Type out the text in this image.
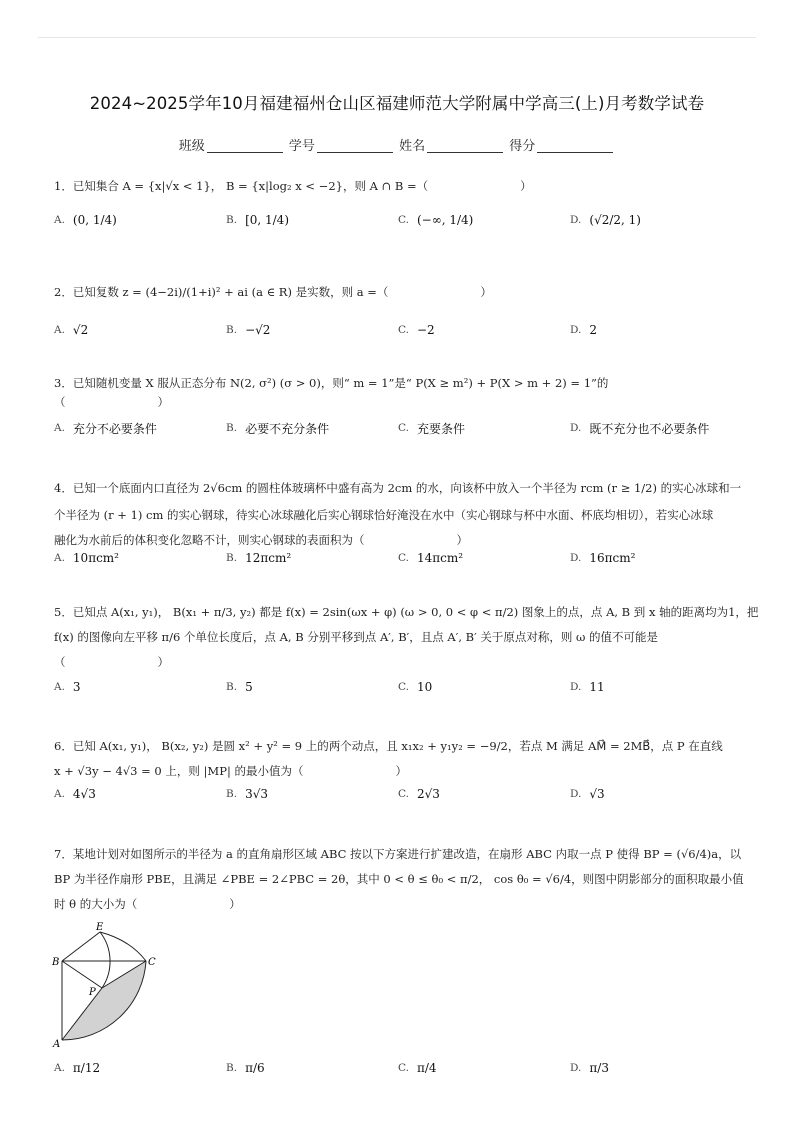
2024~2025学年10月福建福州仓山区福建师范大学附属中学高三(上)月考数学试卷
班级	学号	姓名	得分
1．已知集合 A = {x|√x < 1}， B = {x|log₂ x < −2}，则 A ∩ B =（　　　　　　　　）
A. (0, 1/4)	B. [0, 1/4)	C. (−∞, 1/4)	D. (√2/2, 1)
2．已知复数 z = (4−2i)/(1+i)² + ai (a ∈ R) 是实数，则 a =（　　　　　　　　）
A. √2	B. −√2	C. −2	D. 2
3．已知随机变量 X 服从正态分布 N(2, σ²) (σ > 0)，则“ m = 1”是“ P(X ≥ m²) + P(X > m + 2) = 1”的
（　　　　　　　　）
A. 充分不必要条件	B. 必要不充分条件	C. 充要条件	D. 既不充分也不必要条件
4．已知一个底面内口直径为 2√6cm 的圆柱体玻璃杯中盛有高为 2cm 的水，向该杯中放入一个半径为 rcm (r ≥ 1/2) 的实心冰球和一
个半径为 (r + 1) cm 的实心钢球，待实心冰球融化后实心钢球恰好淹没在水中（实心钢球与杯中水面、杯底均相切），若实心冰球
融化为水前后的体积变化忽略不计，则实心钢球的表面积为（　　　　　　　　）
A. 10πcm²	B. 12πcm²	C. 14πcm²	D. 16πcm²
5．已知点 A(x₁, y₁)， B(x₁ + π/3, y₂) 都是 f(x) = 2sin(ωx + φ) (ω > 0, 0 < φ < π/2) 图象上的点，点 A, B 到 x 轴的距离均为1，把
f(x) 的图像向左平移 π/6 个单位长度后，点 A, B 分别平移到点 A′, B′，且点 A′, B′ 关于原点对称，则 ω 的值不可能是
（　　　　　　　　）
A. 3	B. 5	C. 10	D. 11
6．已知 A(x₁, y₁)， B(x₂, y₂) 是圆 x² + y² = 9 上的两个动点，且 x₁x₂ + y₁y₂ = −9/2，若点 M 满足 AM⃗ = 2MB⃗，点 P 在直线
x + √3y − 4√3 = 0 上，则 |MP| 的最小值为（　　　　　　　　）
A. 4√3	B. 3√3	C. 2√3	D. √3
7．某地计划对如图所示的半径为 a 的直角扇形区域 ABC 按以下方案进行扩建改造，在扇形 ABC 内取一点 P 使得 BP = (√6/4)a，以
BP 为半径作扇形 PBE，且满足 ∠PBE = 2∠PBC = 2θ，其中 0 < θ ≤ θ₀ < π/2， cos θ₀ = √6/4，则图中阴影部分的面积取最小值
时 θ 的大小为（　　　　　　　　）
E
B	C
P
A
A. π/12	B. π/6	C. π/4	D. π/3
